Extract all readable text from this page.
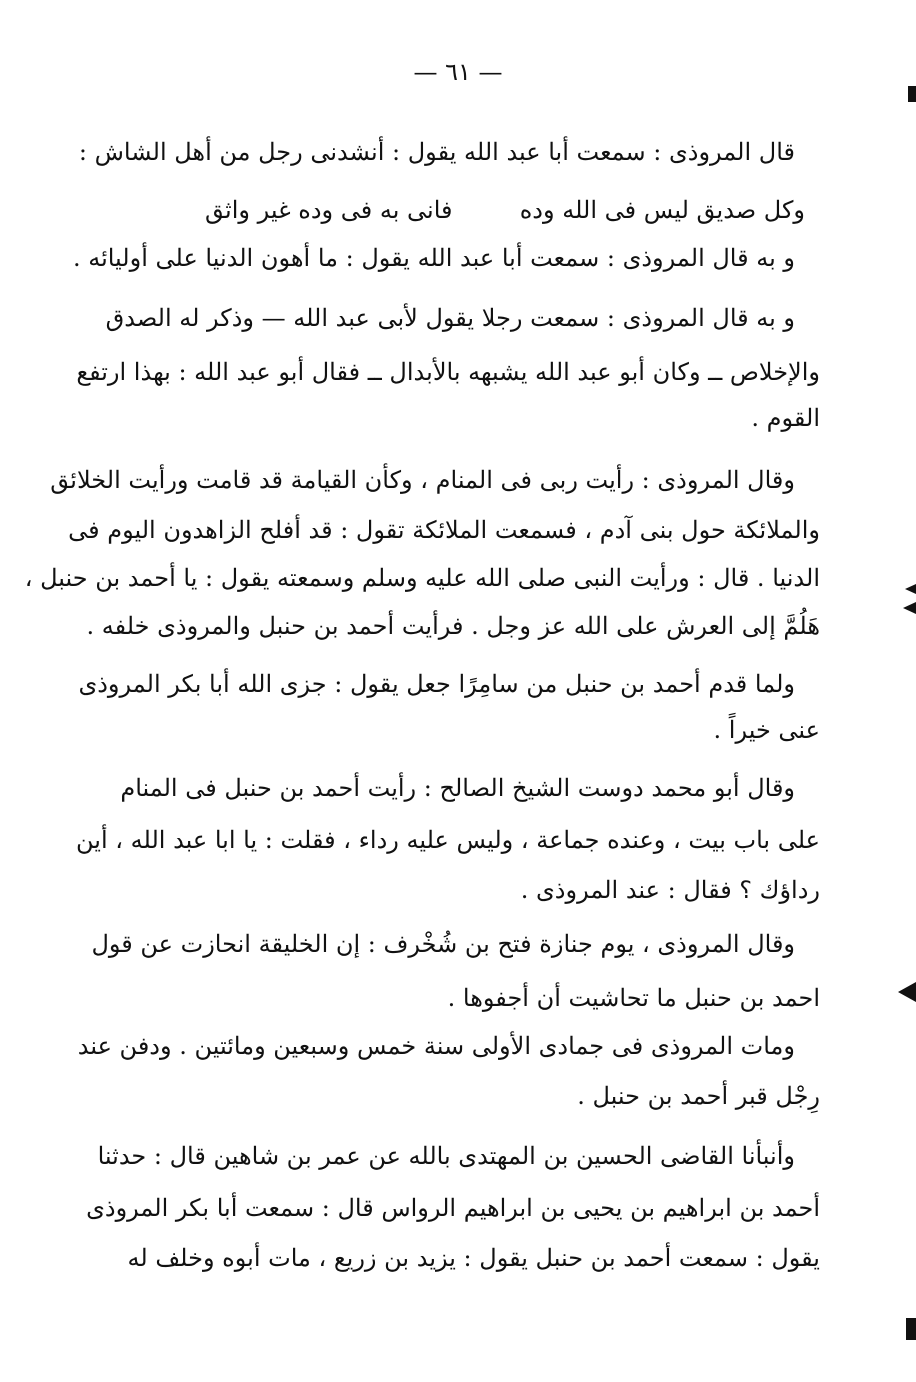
— ٦١ —
قال المروذى : سمعت أبا عبد الله يقول : أنشدنى رجل من أهل الشاش :
وكل صديق ليس فى الله وده
فانى به فى وده غير واثق
و به قال المروذى : سمعت أبا عبد الله يقول : ما أهون الدنيا على أوليائه .
و به قال المروذى : سمعت رجلا يقول لأبى عبد الله — وذكر له الصدق
والإخلاص ــ وكان أبو عبد الله يشبهه بالأبدال ــ فقال أبو عبد الله : بهذا ارتفع
القوم .
وقال المروذى : رأيت ربى فى المنام ، وكأن القيامة قد قامت ورأيت الخلائق
والملائكة حول بنى آدم ، فسمعت الملائكة تقول : قد أفلح الزاهدون اليوم فى
الدنيا . قال : ورأيت النبى صلى الله عليه وسلم وسمعته يقول : يا أحمد بن حنبل ،
هَلُمَّ إلى العرش على الله عز وجل . فرأيت أحمد بن حنبل والمروذى خلفه .
ولما قدم أحمد بن حنبل من سامِرًا جعل يقول : جزى الله أبا بكر المروذى
عنى خيراً .
وقال أبو محمد دوست الشيخ الصالح : رأيت أحمد بن حنبل فى المنام
على باب بيت ، وعنده جماعة ، وليس عليه رداء ، فقلت : يا ابا عبد الله ، أين
رداؤك ؟ فقال : عند المروذى .
وقال المروذى ، يوم جنازة فتح بن شُخْرف : إن الخليقة انحازت عن قول
احمد بن حنبل ما تحاشيت أن أجفوها .
ومات المروذى فى جمادى الأولى سنة خمس وسبعين ومائتين . ودفن عند
رِجْل قبر أحمد بن حنبل .
وأنبأنا القاضى الحسين بن المهتدى بالله عن عمر بن شاهين قال : حدثنا
أحمد بن ابراهيم بن يحيى بن ابراهيم الرواس قال : سمعت أبا بكر المروذى
يقول : سمعت أحمد بن حنبل يقول : يزيد بن زريع ، مات أبوه وخلف له
